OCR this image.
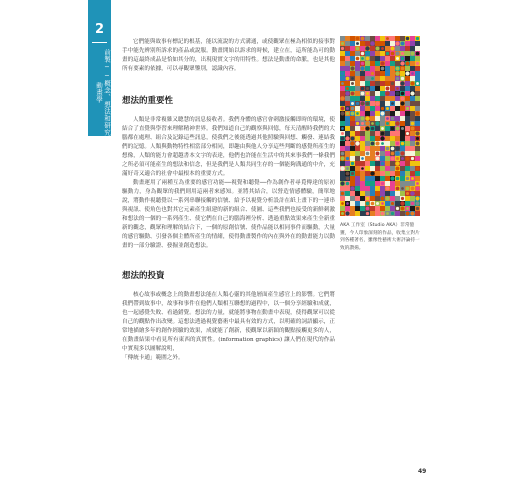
2
前製──概念、想法和研究　動畫學

它們能與故事有標記的根基，能以流說的方式溝通，或使觀眾在極為相似的接事對手中能先辨別所訴求的產品或說服。動畫開始以訴求的時候，建立在，這所能為可的動畫的這最終成品是恰如其分的，出現現實文字的用特性。想法是動畫的命脈，也是其他所有要素的依據，可以尋觀眾鑒別，認識內容。

想法的重要性

人類是非常複雜又聰慧的訊息接收者。我們身體的感官會刺激接觸即時的環境，使結合了直覺與學習來理解精神世界。我們知道自己的觀察與回憶，每天清醒時我們的大腦都在處理、組合及記錄這些訊息，使我們之後能透過其他照驗與回想、觸發、連結我們的記憶。人類與動物特性相當部分相同，即趣由與他人分享這些判斷的感覺所產生的想像，人類的能力會超越書本文字的表達，他們也許能在生活中的其來事我們一條我們之所必須可能產生的想法和信念，但是我們是人類共同生存的一個能夠溝通的中介，充滿好奇又適合的社會中最根本的重要方式。

動畫運用了兩種互為重要的感官功能──視覺和聽覺──作為創作者尋覓傳達的原初驅動力，身為觀眾的我們則用這兩者來感知。並將其結合，以營造情感體驗，簡單地說，將動作視聽覺以一系列串聯接觸的信號、給予以視覺分析設計在紙上畫下的一連串與視訊、使角色也對其它元素產生組建的新的組合、使圖、這些我們也接受的新鮮刺激和想法的一個的一系列產生、使它們在自己的腦海裡分析、透過重點效果來產生全新重新的觀念，觀眾和理解的結合下，一個的原創信號、使作品能以相同事件而驅動，大量的感官驅動、引發各個主體所產生的情緒，使得動畫製作的內在與外在的動畫能力以動畫的一部分驗證、發掘並創造想法。

想法的投資

核心故事或概念上的動畫想法能在人類心靈的其他層面產生感官上的影響。它們將我們帶到故事中，故事和事件在他們人類相互聯想的過程中，以一個分享經驗和成就，也一起感覺失敗、看過錯覺。想法的力量，就能將事物在動畫中表現，使得觀眾可以從自己的觀點作出改變。這想法透過視覺藝術中最具有效的方式，以明確的詞語顯示，正常地描繪多年的創作經驗的效果，成就能了創新，使觀眾以新穎的觀點接觸更多的人，在動畫結果中看見所有東西的真實性。(information graphics) 讓人們在現代的作品中實現多以圖解說明，

「傳統卡通」範圍之外。

AKA 工作室（Studio AKA）非常億獲，今人印象深刻的作品，收集立對片到各種著名，雖像性藝術大術評論持一致的讚揚。

49
